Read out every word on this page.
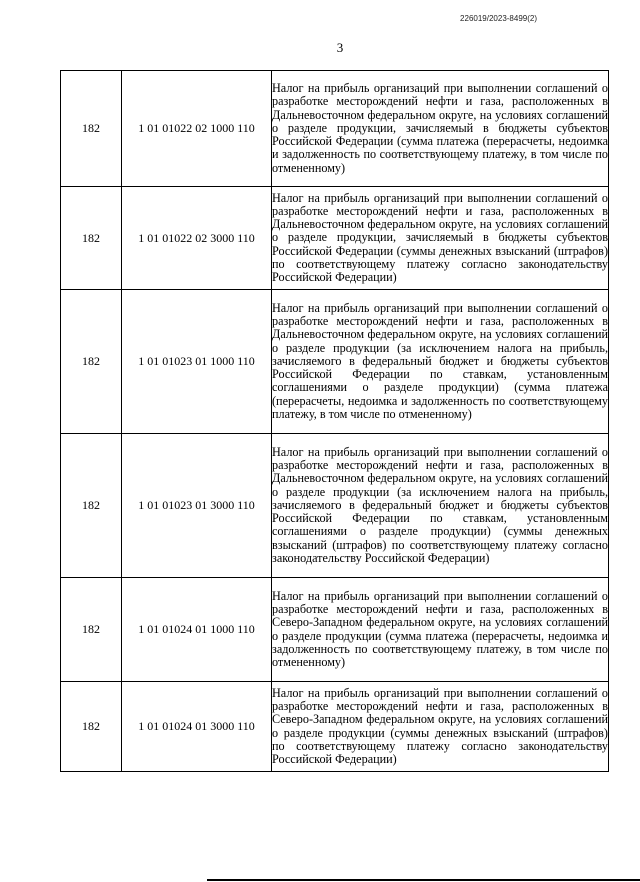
226019/2023-8499(2)
3
182	1 01 01022 02 1000 110	Налог на прибыль организаций при выполнении соглашений о разработке месторождений нефти и газа, расположенных в Дальневосточном федеральном округе, на условиях соглашений о разделе продукции, зачисляемый в бюджеты субъектов Российской Федерации (сумма платежа (перерасчеты, недоимка и задолженность по соответствующему платежу, в том числе по отмененному)
182	1 01 01022 02 3000 110	Налог на прибыль организаций при выполнении соглашений о разработке месторождений нефти и газа, расположенных в Дальневосточном федеральном округе, на условиях соглашений о разделе продукции, зачисляемый в бюджеты субъектов Российской Федерации (суммы денежных взысканий (штрафов) по соответствующему платежу согласно законодательству Российской Федерации)
182	1 01 01023 01 1000 110	Налог на прибыль организаций при выполнении соглашений о разработке месторождений нефти и газа, расположенных в Дальневосточном федеральном округе, на условиях соглашений о разделе продукции (за исключением налога на прибыль, зачисляемого в федеральный бюджет и бюджеты субъектов Российской Федерации по ставкам, установленным соглашениями о разделе продукции) (сумма платежа (перерасчеты, недоимка и задолженность по соответствующему платежу, в том числе по отмененному)
182	1 01 01023 01 3000 110	Налог на прибыль организаций при выполнении соглашений о разработке месторождений нефти и газа, расположенных в Дальневосточном федеральном округе, на условиях соглашений о разделе продукции (за исключением налога на прибыль, зачисляемого в федеральный бюджет и бюджеты субъектов Российской Федерации по ставкам, установленным соглашениями о разделе продукции) (суммы денежных взысканий (штрафов) по соответствующему платежу согласно законодательству Российской Федерации)
182	1 01 01024 01 1000 110	Налог на прибыль организаций при выполнении соглашений о разработке месторождений нефти и газа, расположенных в Северо-Западном федеральном округе, на условиях соглашений о разделе продукции (сумма платежа (перерасчеты, недоимка и задолженность по соответствующему платежу, в том числе по отмененному)
182	1 01 01024 01 3000 110	Налог на прибыль организаций при выполнении соглашений о разработке месторождений нефти и газа, расположенных в Северо-Западном федеральном округе, на условиях соглашений о разделе продукции (суммы денежных взысканий (штрафов) по соответствующему платежу согласно законодательству Российской Федерации)
